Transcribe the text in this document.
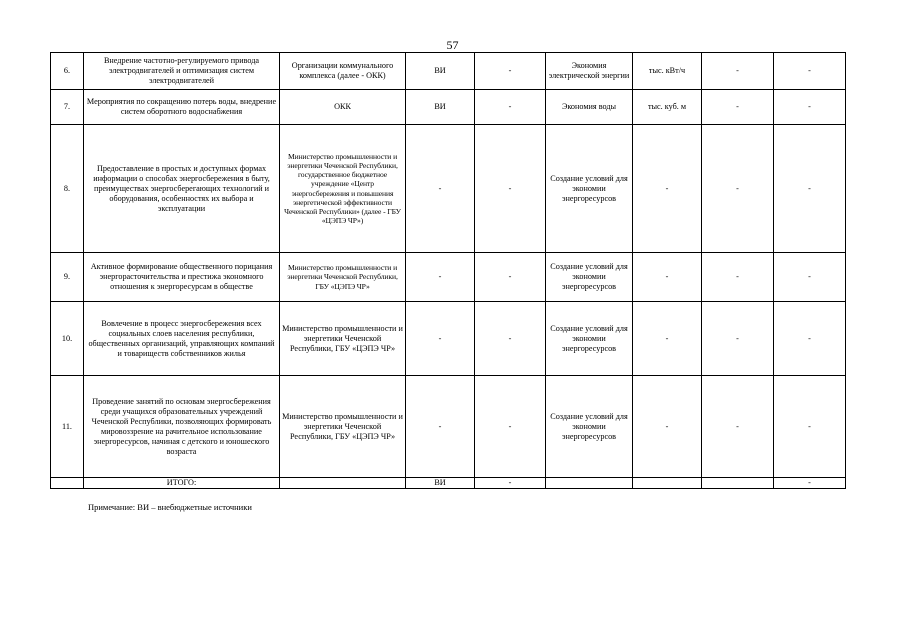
57
6.	Внедрение частотно-регулируемого привода электродвигателей и оптимизация систем электродвигателей	Организации коммунального комплекса (далее - ОКК)	ВИ	-	Экономия электрической энергии	тыс. кВт/ч	-	-
7.	Мероприятия по сокращению потерь воды, внедрение систем оборотного водоснабжения	ОКК	ВИ	-	Экономия воды	тыс. куб. м	-	-
8.	Предоставление в простых и доступных формах информации о способах энергосбережения в быту, преимуществах энергосберегающих технологий и оборудования, особенностях их выбора и эксплуатации	Министерство промышленности и энергетики Чеченской Республики, государственное бюджетное учреждение «Центр энергосбережения и повышения энергетической эффективности Чеченской Республики» (далее - ГБУ «ЦЭПЭ ЧР»)	-	-	Создание условий для экономии энергоресурсов	-	-	-
9.	Активное формирование общественного порицания энергорасточительства и престижа экономного отношения к энергоресурсам в обществе	Министерство промышленности и энергетики Чеченской Республики, ГБУ «ЦЭПЭ ЧР»	-	-	Создание условий для экономии энергоресурсов	-	-	-
10.	Вовлечение в процесс энергосбережения всех социальных слоев населения республики, общественных организаций, управляющих компаний и товариществ собственников жилья	Министерство промышленности и энергетики Чеченской Республики, ГБУ «ЦЭПЭ ЧР»	-	-	Создание условий для экономии энергоресурсов	-	-	-
11.	Проведение занятий по основам энергосбережения среди учащихся образовательных учреждений Чеченской Республики, позволяющих формировать мировоззрение на рачительное использование энергоресурсов, начиная с детского и юношеского возраста	Министерство промышленности и энергетики Чеченской Республики, ГБУ «ЦЭПЭ ЧР»	-	-	Создание условий для экономии энергоресурсов	-	-	-
	ИТОГО:		ВИ	-				-
Примечание: ВИ – внебюджетные источники
